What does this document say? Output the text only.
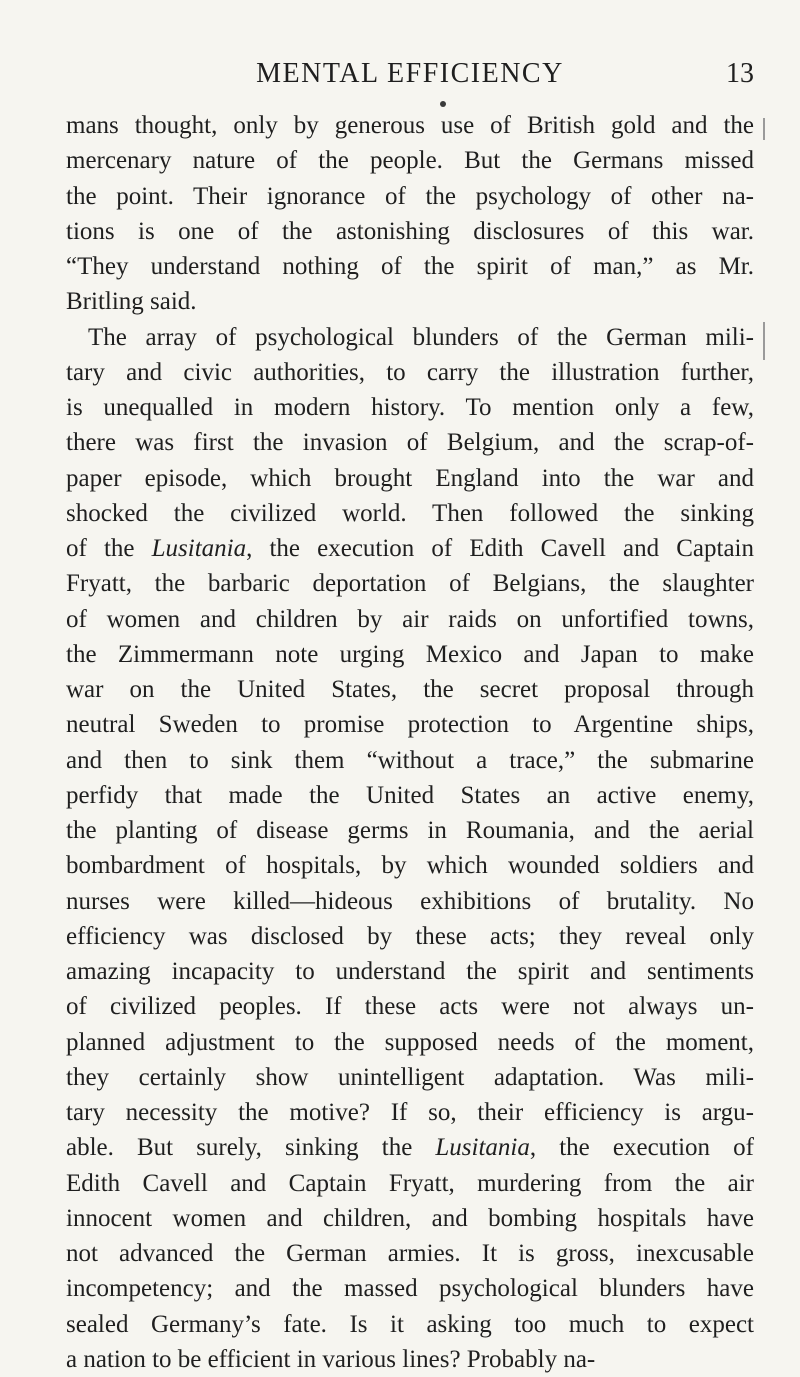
MENTAL EFFICIENCY	13
mans thought, only by generous use of British gold and the
mercenary nature of the people. But the Germans missed
the point. Their ignorance of the psychology of other na-
tions is one of the astonishing disclosures of this war.
“They understand nothing of the spirit of man,” as Mr.
Britling said.
The array of psychological blunders of the German mili-
tary and civic authorities, to carry the illustration further,
is unequalled in modern history. To mention only a few,
there was first the invasion of Belgium, and the scrap-of-
paper episode, which brought England into the war and
shocked the civilized world. Then followed the sinking
of the Lusitania, the execution of Edith Cavell and Captain
Fryatt, the barbaric deportation of Belgians, the slaughter
of women and children by air raids on unfortified towns,
the Zimmermann note urging Mexico and Japan to make
war on the United States, the secret proposal through
neutral Sweden to promise protection to Argentine ships,
and then to sink them “without a trace,” the submarine
perfidy that made the United States an active enemy,
the planting of disease germs in Roumania, and the aerial
bombardment of hospitals, by which wounded soldiers and
nurses were killed—hideous exhibitions of brutality. No
efficiency was disclosed by these acts; they reveal only
amazing incapacity to understand the spirit and sentiments
of civilized peoples. If these acts were not always un-
planned adjustment to the supposed needs of the moment,
they certainly show unintelligent adaptation. Was mili-
tary necessity the motive? If so, their efficiency is argu-
able. But surely, sinking the Lusitania, the execution of
Edith Cavell and Captain Fryatt, murdering from the air
innocent women and children, and bombing hospitals have
not advanced the German armies. It is gross, inexcusable
incompetency; and the massed psychological blunders have
sealed Germany’s fate. Is it asking too much to expect
a nation to be efficient in various lines? Probably na-
